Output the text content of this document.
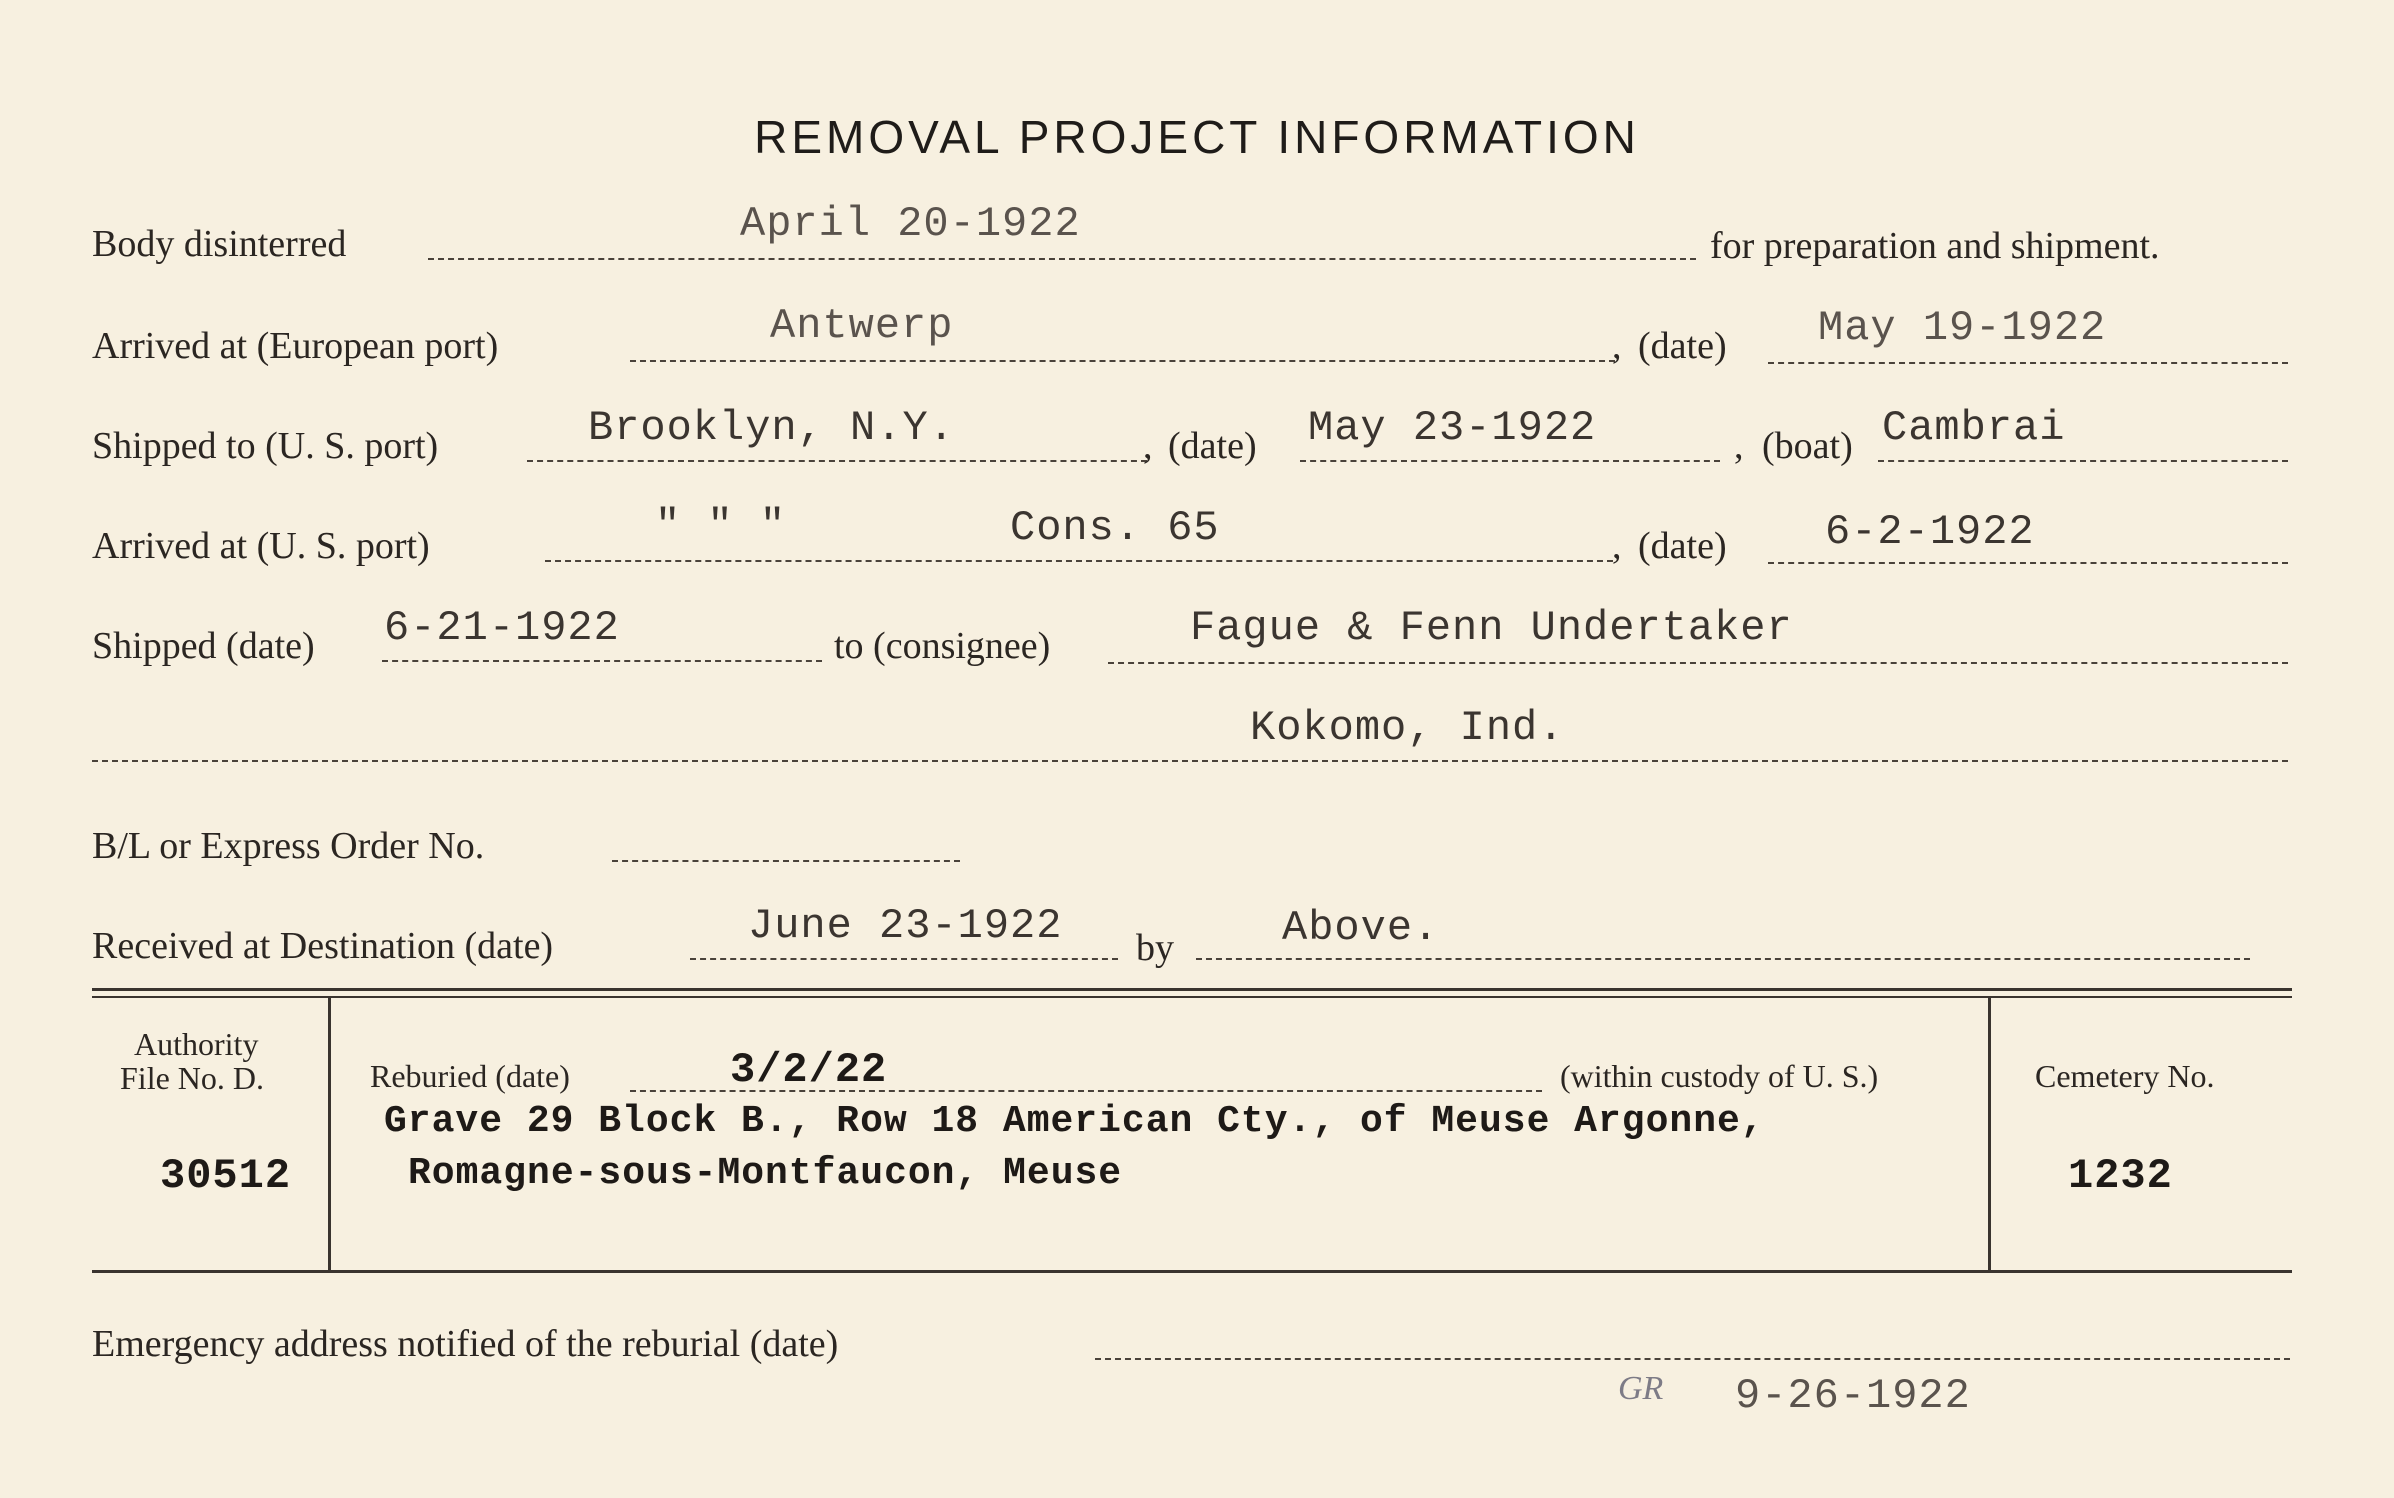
REMOVAL PROJECT INFORMATION
Body disinterred	April 20-1922	for preparation and shipment.
Arrived at (European port)	Antwerp	, (date) May 19-1922
Shipped to (U. S. port)	Brooklyn, N.Y.	, (date) May 23-1922	, (boat) Cambrai
Arrived at (U. S. port)	" " "	Cons. 65	, (date) 6-2-1922
Shipped (date) 6-21-1922	to (consignee)	Fague & Fenn Undertaker
Kokomo, Ind.
B/L or Express Order No.
Received at Destination (date)	June 23-1922 by	Above.
Authority
File No. D.
30512
Reburied (date)	3/2/22	(within custody of U. S.)
Grave 29 Block B., Row 18 American Cty., of Meuse Argonne,
Romagne-sous-Montfaucon, Meuse
Cemetery No.
1232
Emergency address notified of the reburial (date)
GR 9-26-1922
